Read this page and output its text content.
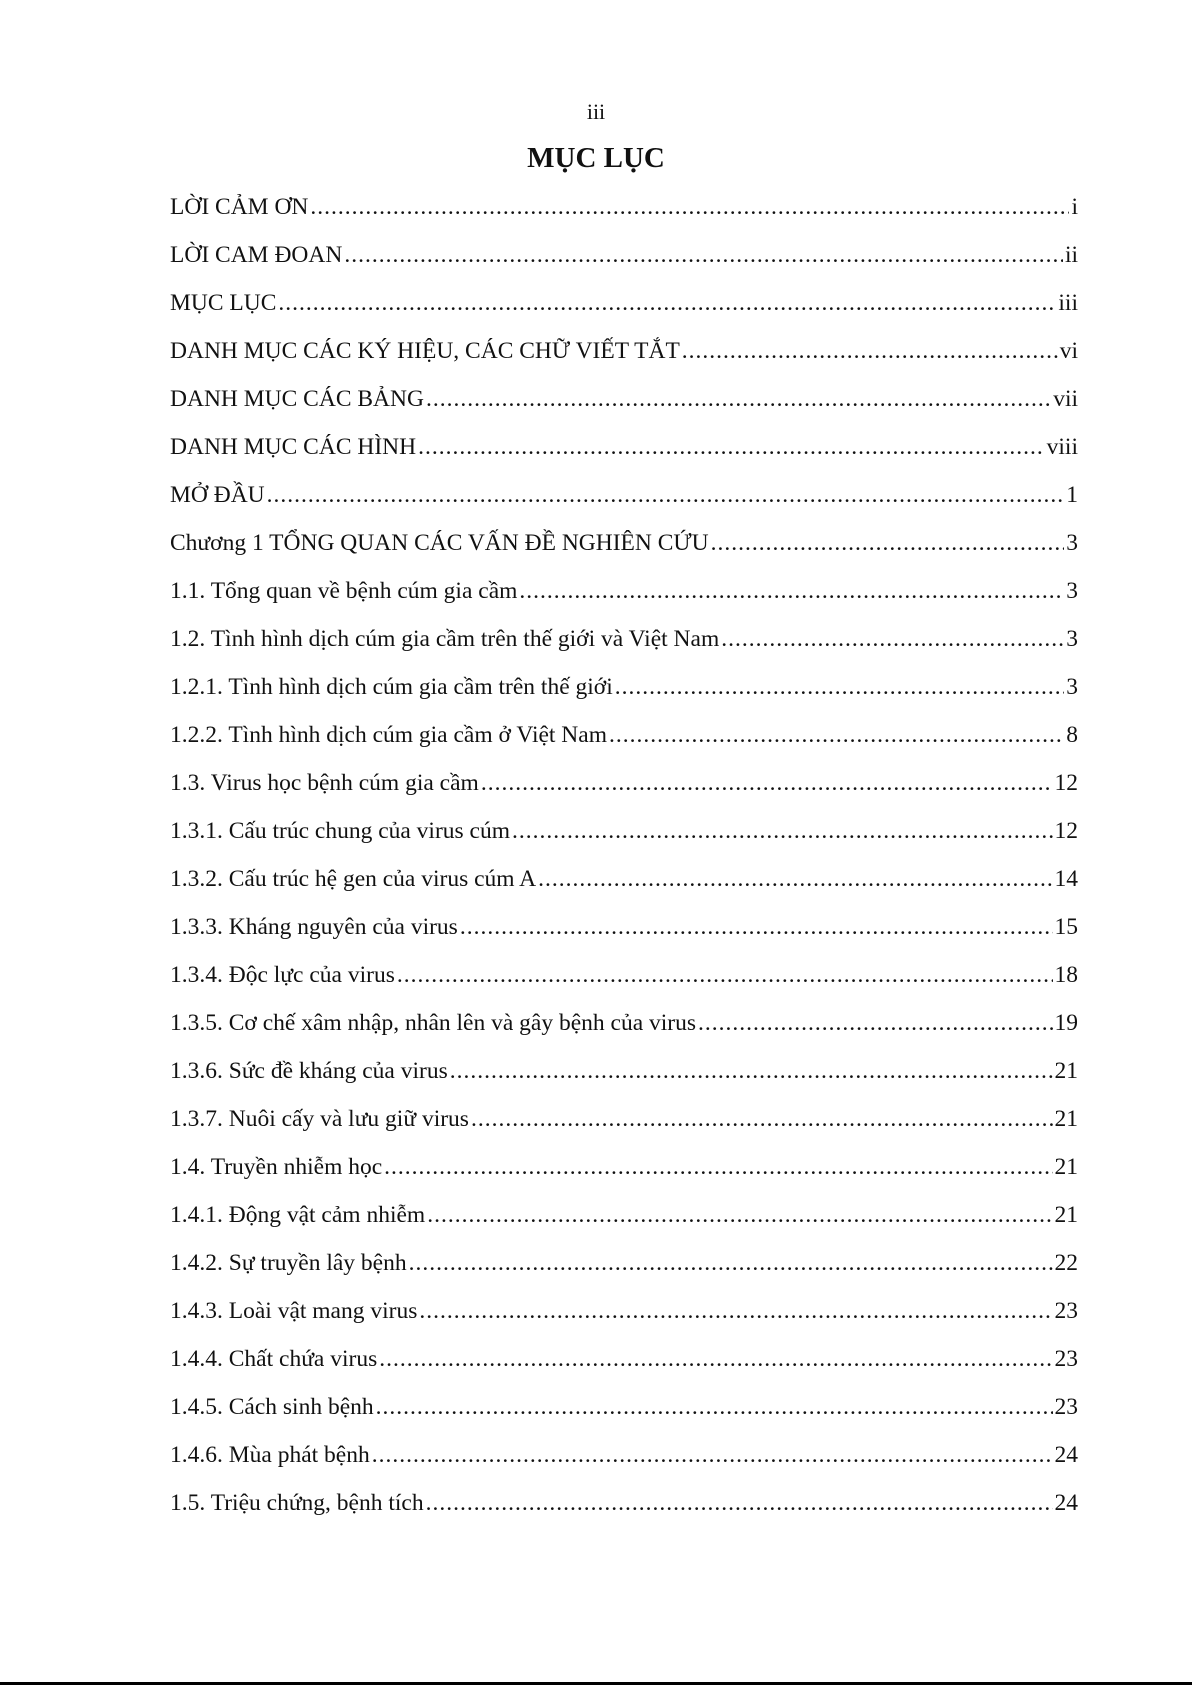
iii
MỤC LỤC
LỜI CẢM ƠN .....	i
LỜI CAM ĐOAN .....	ii
MỤC LỤC .....	iii
DANH MỤC CÁC KÝ HIỆU, CÁC CHỮ VIẾT TẮT .....	vi
DANH MỤC CÁC BẢNG .....	vii
DANH MỤC CÁC HÌNH .....	viii
MỞ ĐẦU .....	1
Chương 1 TỔNG QUAN CÁC VẤN ĐỀ NGHIÊN CỨU .....	3
1.1. Tổng quan về bệnh cúm gia cầm .....	3
1.2. Tình hình dịch cúm gia cầm trên thế giới và Việt Nam .....	3
1.2.1. Tình hình dịch cúm gia cầm trên thế giới .....	3
1.2.2. Tình hình dịch cúm gia cầm ở Việt Nam .....	8
1.3. Virus học bệnh cúm gia cầm .....	12
1.3.1. Cấu trúc chung của virus cúm .....	12
1.3.2. Cấu trúc hệ gen của virus cúm A .....	14
1.3.3. Kháng nguyên của virus .....	15
1.3.4. Độc lực của virus .....	18
1.3.5. Cơ chế xâm nhập, nhân lên và gây bệnh của virus .....	19
1.3.6. Sức đề kháng của virus .....	21
1.3.7. Nuôi cấy và lưu giữ virus .....	21
1.4. Truyền nhiễm học .....	21
1.4.1. Động vật cảm nhiễm .....	21
1.4.2. Sự truyền lây bệnh .....	22
1.4.3. Loài vật mang virus .....	23
1.4.4. Chất chứa virus .....	23
1.4.5. Cách sinh bệnh .....	23
1.4.6. Mùa phát bệnh .....	24
1.5. Triệu chứng, bệnh tích .....	24
